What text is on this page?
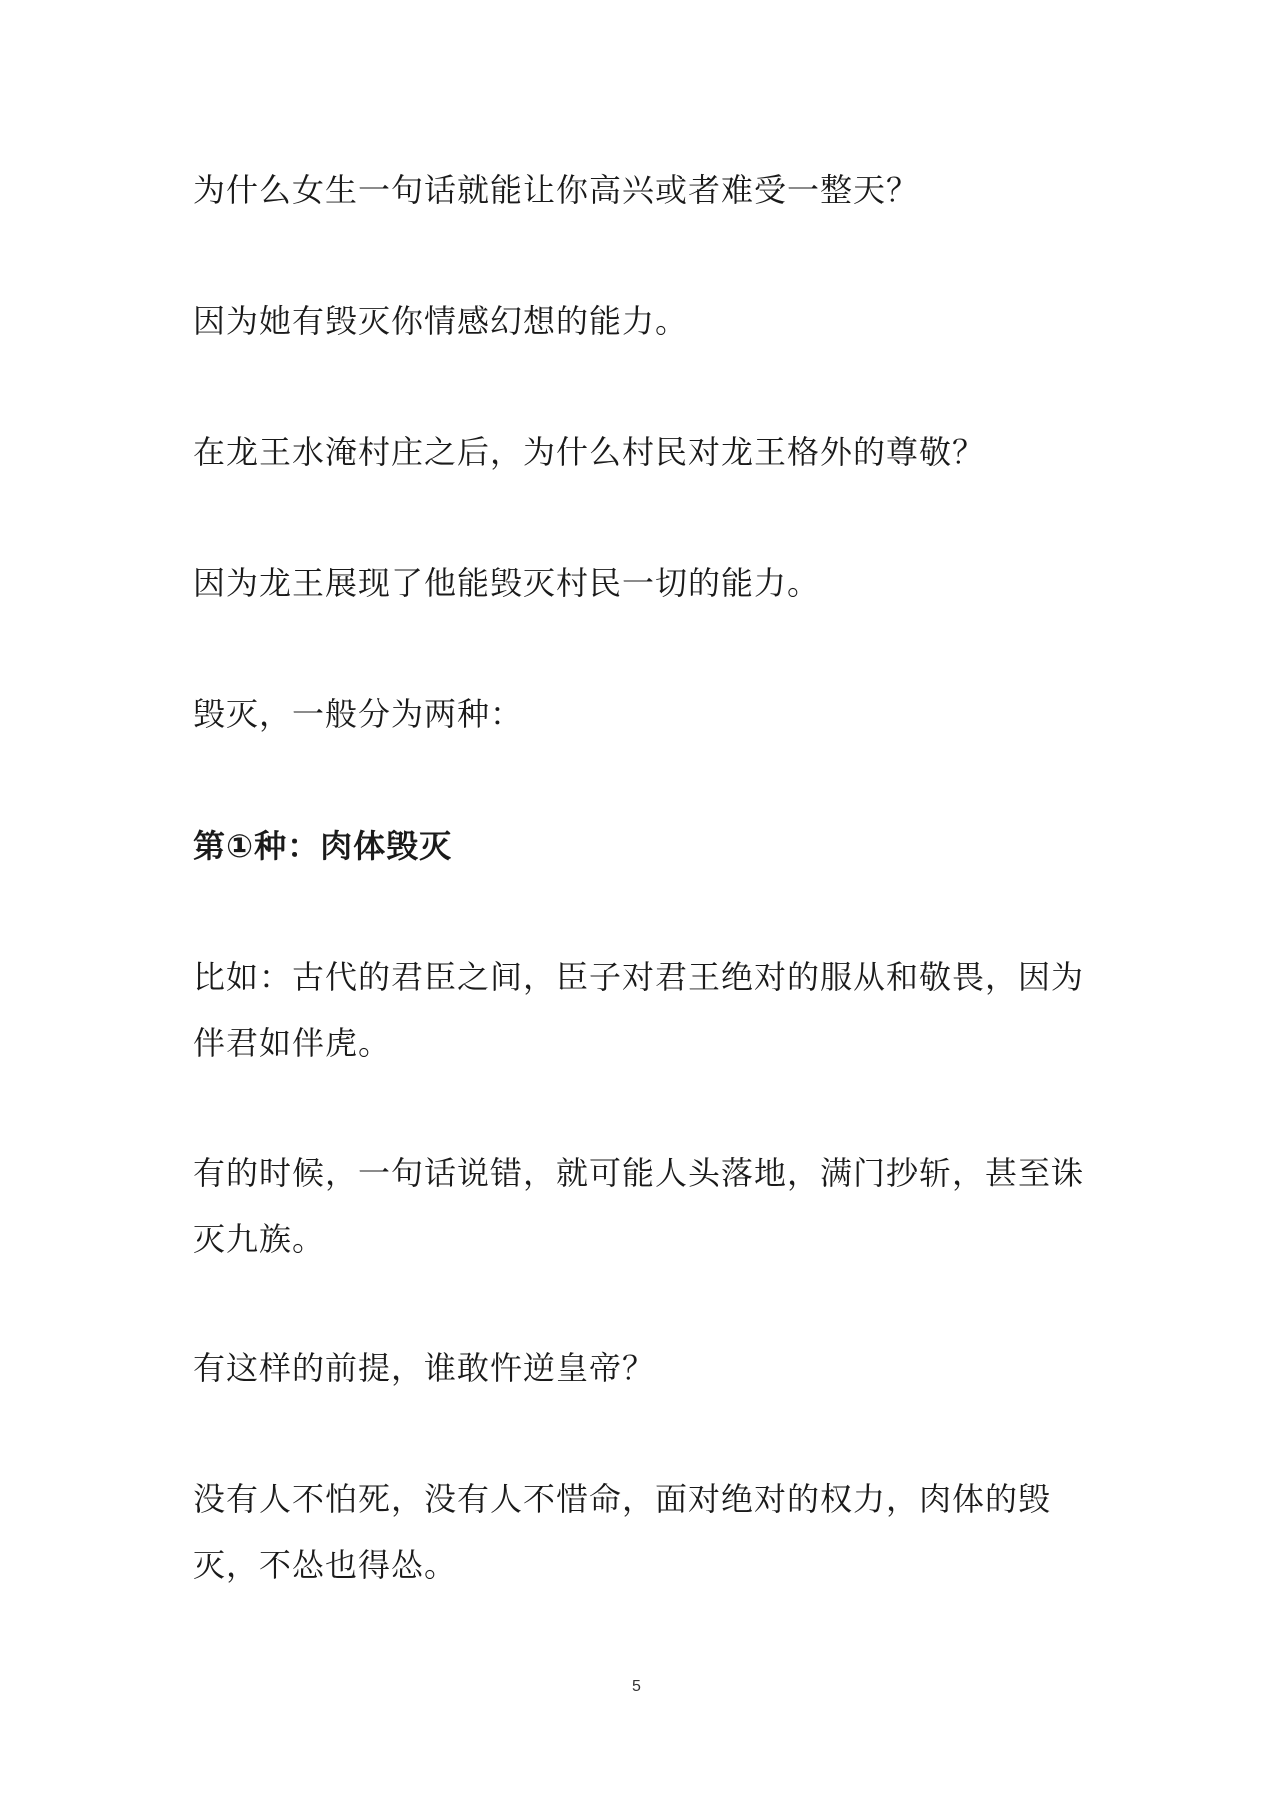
为什么女生一句话就能让你高兴或者难受一整天？

因为她有毁灭你情感幻想的能力。

在龙王水淹村庄之后，为什么村民对龙王格外的尊敬？

因为龙王展现了他能毁灭村民一切的能力。

毁灭，一般分为两种：

第①种：肉体毁灭

比如：古代的君臣之间，臣子对君王绝对的服从和敬畏，因为伴君如伴虎。

有的时候，一句话说错，就可能人头落地，满门抄斩，甚至诛灭九族。

有这样的前提，谁敢忤逆皇帝？

没有人不怕死，没有人不惜命，面对绝对的权力，肉体的毁灭，不怂也得怂。

5
